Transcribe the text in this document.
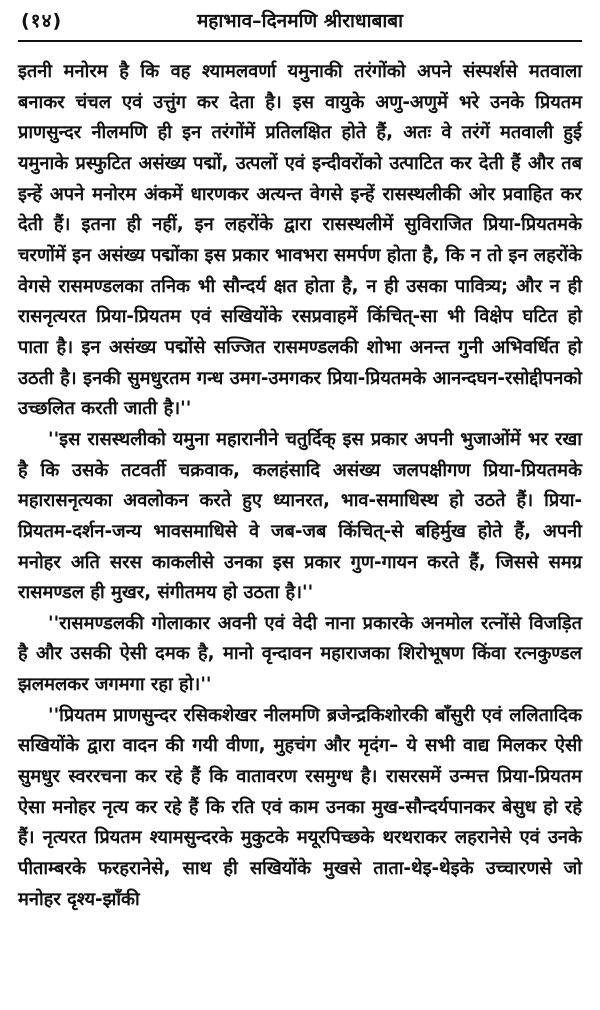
(१४)	महाभाव–दिनमणि श्रीराधाबाबा

इतनी मनोरम है कि वह श्यामलवर्णा यमुनाकी तरंगोंको अपने संस्पर्शसे मतवाला बनाकर चंचल एवं उत्तुंग कर देता है। इस वायुके अणु-अणुमें भरे उनके प्रियतम प्राणसुन्दर नीलमणि ही इन तरंगोंमें प्रतिलक्षित होते हैं, अतः वे तरंगें मतवाली हुई यमुनाके प्रस्फुटित असंख्य पद्मों, उत्पलों एवं इन्दीवरोंको उत्पाटित कर देती हैं और तब इन्हें अपने मनोरम अंकमें धारणकर अत्यन्त वेगसे इन्हें रासस्थलीकी ओर प्रवाहित कर देती हैं। इतना ही नहीं, इन लहरोंके द्वारा रासस्थलीमें सुविराजित प्रिया-प्रियतमके चरणोंमें इन असंख्य पद्मोंका इस प्रकार भावभरा समर्पण होता है, कि न तो इन लहरोंके वेगसे रासमण्डलका तनिक भी सौन्दर्य क्षत होता है, न ही उसका पावित्र्य; और न ही रासनृत्यरत प्रिया-प्रियतम एवं सखियोंके रसप्रवाहमें किंचित्-सा भी विक्षेप घटित हो पाता है। इन असंख्य पद्मोंसे सज्जित रासमण्डलकी शोभा अनन्त गुनी अभिवर्धित हो उठती है। इनकी सुमधुरतम गन्ध उमग-उमगकर प्रिया-प्रियतमके आनन्दघन-रसोद्दीपनको उच्छलित करती जाती है।''

''इस रासस्थलीको यमुना महारानीने चतुर्दिक् इस प्रकार अपनी भुजाओंमें भर रखा है कि उसके तटवर्ती चक्रवाक, कलहंसादि असंख्य जलपक्षीगण प्रिया-प्रियतमके महारासनृत्यका अवलोकन करते हुए ध्यानरत, भाव-समाधिस्थ हो उठते हैं। प्रिया-प्रियतम-दर्शन-जन्य भावसमाधिसे वे जब-जब किंचित्-से बहिर्मुख होते हैं, अपनी मनोहर अति सरस काकलीसे उनका इस प्रकार गुण-गायन करते हैं, जिससे समग्र रासमण्डल ही मुखर, संगीतमय हो उठता है।''

''रासमण्डलकी गोलाकार अवनी एवं वेदी नाना प्रकारके अनमोल रत्नोंसे विजड़ित है और उसकी ऐसी दमक है, मानो वृन्दावन महाराजका शिरोभूषण किंवा रत्नकुण्डल झलमलकर जगमगा रहा हो।''

''प्रियतम प्राणसुन्दर रसिकशेखर नीलमणि ब्रजेन्द्रकिशोरकी बाँसुरी एवं ललितादिक सखियोंके द्वारा वादन की गयी वीणा, मुहचंग और मृदंग– ये सभी वाद्य मिलकर ऐसी सुमधुर स्वररचना कर रहे हैं कि वातावरण रसमुग्ध है। रासरसमें उन्मत्त प्रिया-प्रियतम ऐसा मनोहर नृत्य कर रहे हैं कि रति एवं काम उनका मुख-सौन्दर्यपानकर बेसुध हो रहे हैं। नृत्यरत प्रियतम श्यामसुन्दरके मुकुटके मयूरपिच्छके थरथराकर लहरानेसे एवं उनके पीताम्बरके फरहरानेसे, साथ ही सखियोंके मुखसे ताता-थेइ-थेइके उच्चारणसे जो मनोहर दृश्य-झाँकी
